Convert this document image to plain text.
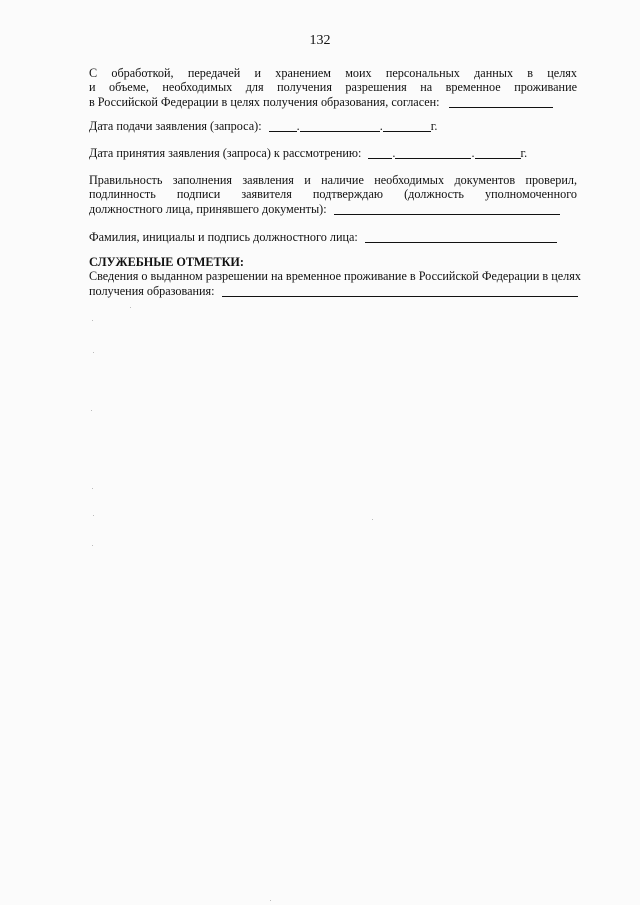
132
С обработкой, передачей и хранением моих персональных данных в целях
и объеме, необходимых для получения разрешения на временное проживание
в Российской Федерации в целях получения образования, согласен:
Дата подачи заявления (запроса):	.	.	г.
Дата принятия заявления (запроса) к рассмотрению:	.	.	г.
Правильность заполнения заявления и наличие необходимых документов проверил,
подлинность подписи заявителя подтверждаю (должность уполномоченного
должностного лица, принявшего документы):
Фамилия, инициалы и подпись должностного лица:
СЛУЖЕБНЫЕ ОТМЕТКИ:
Сведения о выданном разрешении на временное проживание в Российской Федерации в целях
получения образования:
